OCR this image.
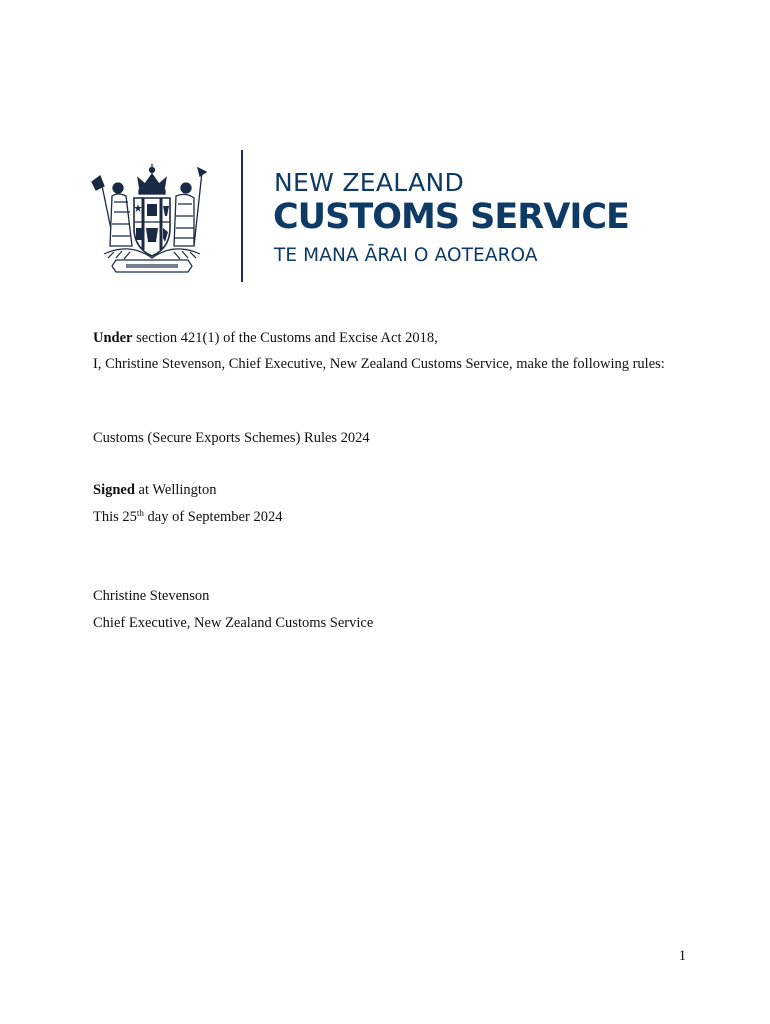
NEW ZEALAND
CUSTOMS SERVICE
TE MANA ĀRAI O AOTEAROA

Under section 421(1) of the Customs and Excise Act 2018,

I, Christine Stevenson, Chief Executive, New Zealand Customs Service, make the following rules:

Customs (Secure Exports Schemes) Rules 2024

Signed at Wellington

This 25th day of September 2024

Christine Stevenson

Chief Executive, New Zealand Customs Service

1
